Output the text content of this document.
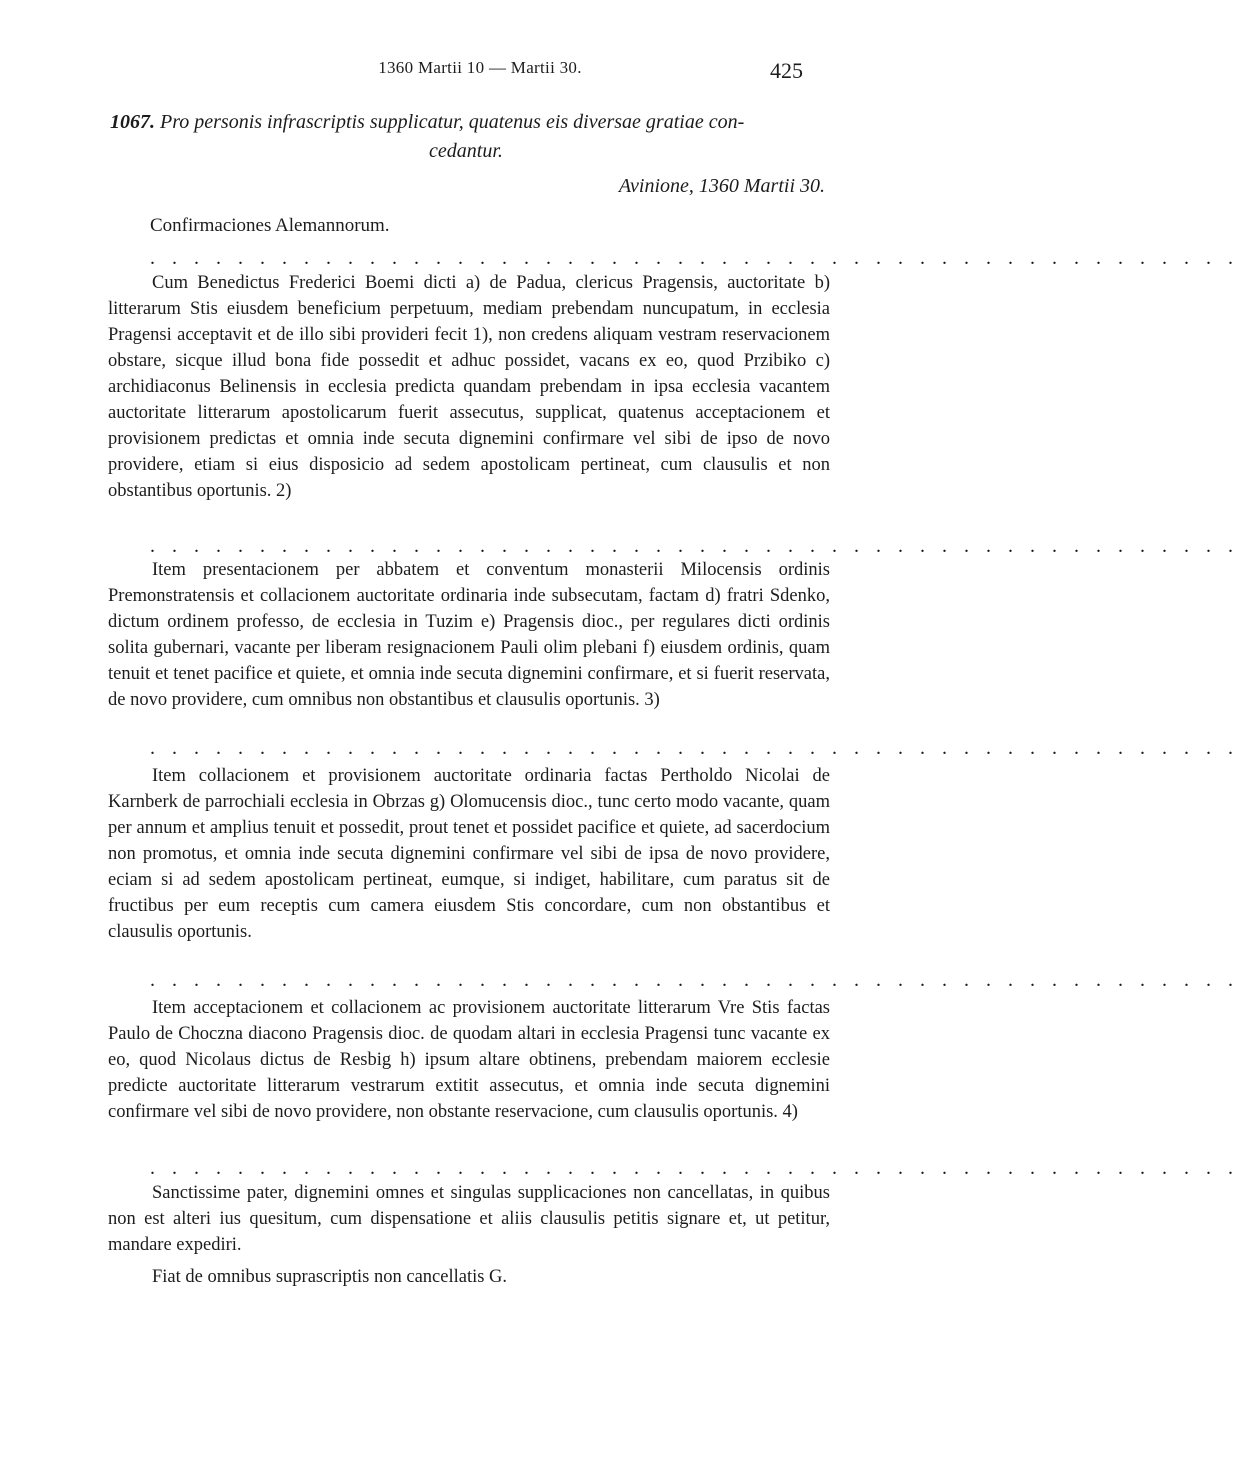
1360 Martii 10 — Martii 30.	425
1067. Pro personis infrascriptis supplicatur, quatenus eis diversae gratiae con-
cedantur.
Avinione, 1360 Martii 30.
Confirmaciones Alemannorum.
. . . . . . . . . . . . . . . . . . . . . . . . . . . . . . . . . . . . . . . . . . . . . . . . . .

Cum Benedictus Frederici Boemi dicti a) de Padua, clericus Pragensis, auctoritate b) litterarum Stis eiusdem beneficium perpetuum, mediam prebendam nuncupatum, in ecclesia Pragensi acceptavit et de illo sibi provideri fecit 1), non credens aliquam vestram reservacionem obstare, sicque illud bona fide possedit et adhuc possidet, vacans ex eo, quod Przibiko c) archidiaconus Belinensis in ecclesia predicta quandam prebendam in ipsa ecclesia vacantem auctoritate litterarum apostolicarum fuerit assecutus, supplicat, quatenus acceptacionem et provisionem predictas et omnia inde secuta dignemini confirmare vel sibi de ipso de novo providere, etiam si eius disposicio ad sedem apostolicam pertineat, cum clausulis et non obstantibus oportunis. 2)

. . . . . . . . . . . . . . . . . . . . . . . . . . . . . . . . . . . . . . . . . . . . . . . . . .

Item presentacionem per abbatem et conventum monasterii Milocensis ordinis Premonstratensis et collacionem auctoritate ordinaria inde subsecutam, factam d) fratri Sdenko, dictum ordinem professo, de ecclesia in Tuzim e) Pragensis dioc., per regulares dicti ordinis solita gubernari, vacante per liberam resignacionem Pauli olim plebani f) eiusdem ordinis, quam tenuit et tenet pacifice et quiete, et omnia inde secuta dignemini confirmare, et si fuerit reservata, de novo providere, cum omnibus non obstantibus et clausulis oportunis. 3)

. . . . . . . . . . . . . . . . . . . . . . . . . . . . . . . . . . . . . . . . . . . . . . . . . .

Item collacionem et provisionem auctoritate ordinaria factas Pertholdo Nicolai de Karnberk de parrochiali ecclesia in Obrzas g) Olomucensis dioc., tunc certo modo vacante, quam per annum et amplius tenuit et possedit, prout tenet et possidet pacifice et quiete, ad sacerdocium non promotus, et omnia inde secuta dignemini confirmare vel sibi de ipsa de novo providere, eciam si ad sedem apostolicam pertineat, eumque, si indiget, habilitare, cum paratus sit de fructibus per eum receptis cum camera eiusdem Stis concordare, cum non obstantibus et clausulis oportunis.

. . . . . . . . . . . . . . . . . . . . . . . . . . . . . . . . . . . . . . . . . . . . . . . . . .

Item acceptacionem et collacionem ac provisionem auctoritate litterarum Vre Stis factas Paulo de Choczna diacono Pragensis dioc. de quodam altari in ecclesia Pragensi tunc vacante ex eo, quod Nicolaus dictus de Resbig h) ipsum altare obtinens, prebendam maiorem ecclesie predicte auctoritate litterarum vestrarum extitit assecutus, et omnia inde secuta dignemini confirmare vel sibi de novo providere, non obstante reservacione, cum clausulis oportunis. 4)

. . . . . . . . . . . . . . . . . . . . . . . . . . . . . . . . . . . . . . . . . . . . . . . . . .

Sanctissime pater, dignemini omnes et singulas supplicaciones non cancellatas, in quibus non est alteri ius quesitum, cum dispensatione et aliis clausulis petitis signare et, ut petitur, mandare expediri.

Fiat de omnibus suprascriptis non cancellatis G.
